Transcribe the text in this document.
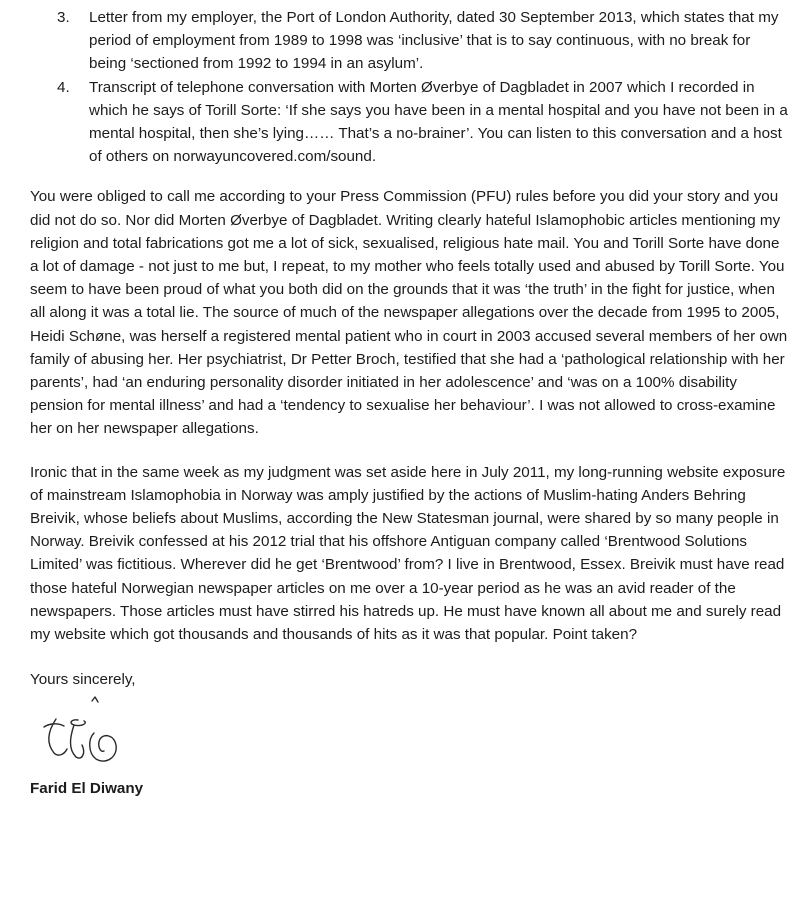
3. Letter from my employer, the Port of London Authority, dated 30 September 2013, which states that my period of employment from 1989 to 1998 was ‘inclusive’ that is to say continuous, with no break for being ‘sectioned from 1992 to 1994 in an asylum’.
4. Transcript of telephone conversation with Morten Øverbye of Dagbladet in 2007 which I recorded in which he says of Torill Sorte: ‘If she says you have been in a mental hospital and you have not been in a mental hospital, then she’s lying…… That’s a no-brainer’. You can listen to this conversation and a host of others on norwayuncovered.com/sound.

You were obliged to call me according to your Press Commission (PFU) rules before you did your story and you did not do so. Nor did Morten Øverbye of Dagbladet. Writing clearly hateful Islamophobic articles mentioning my religion and total fabrications got me a lot of sick, sexualised, religious hate mail. You and Torill Sorte have done a lot of damage - not just to me but, I repeat, to my mother who feels totally used and abused by Torill Sorte. You seem to have been proud of what you both did on the grounds that it was ‘the truth’ in the fight for justice, when all along it was a total lie. The source of much of the newspaper allegations over the decade from 1995 to 2005, Heidi Schøne, was herself a registered mental patient who in court in 2003 accused several members of her own family of abusing her. Her psychiatrist, Dr Petter Broch, testified that she had a ‘pathological relationship with her parents’, had ‘an enduring personality disorder initiated in her adolescence’ and ‘was on a 100% disability pension for mental illness’ and had a ‘tendency to sexualise her behaviour’. I was not allowed to cross-examine her on her newspaper allegations.

Ironic that in the same week as my judgment was set aside here in July 2011, my long-running website exposure of mainstream Islamophobia in Norway was amply justified by the actions of Muslim-hating Anders Behring Breivik, whose beliefs about Muslims, according the New Statesman journal, were shared by so many people in Norway. Breivik confessed at his 2012 trial that his offshore Antiguan company called ‘Brentwood Solutions Limited’ was fictitious. Wherever did he get ‘Brentwood’ from? I live in Brentwood, Essex. Breivik must have read those hateful Norwegian newspaper articles on me over a 10-year period as he was an avid reader of the newspapers. Those articles must have stirred his hatreds up. He must have known all about me and surely read my website which got thousands and thousands of hits as it was that popular. Point taken?

Yours sincerely,

Farid El Diwany
